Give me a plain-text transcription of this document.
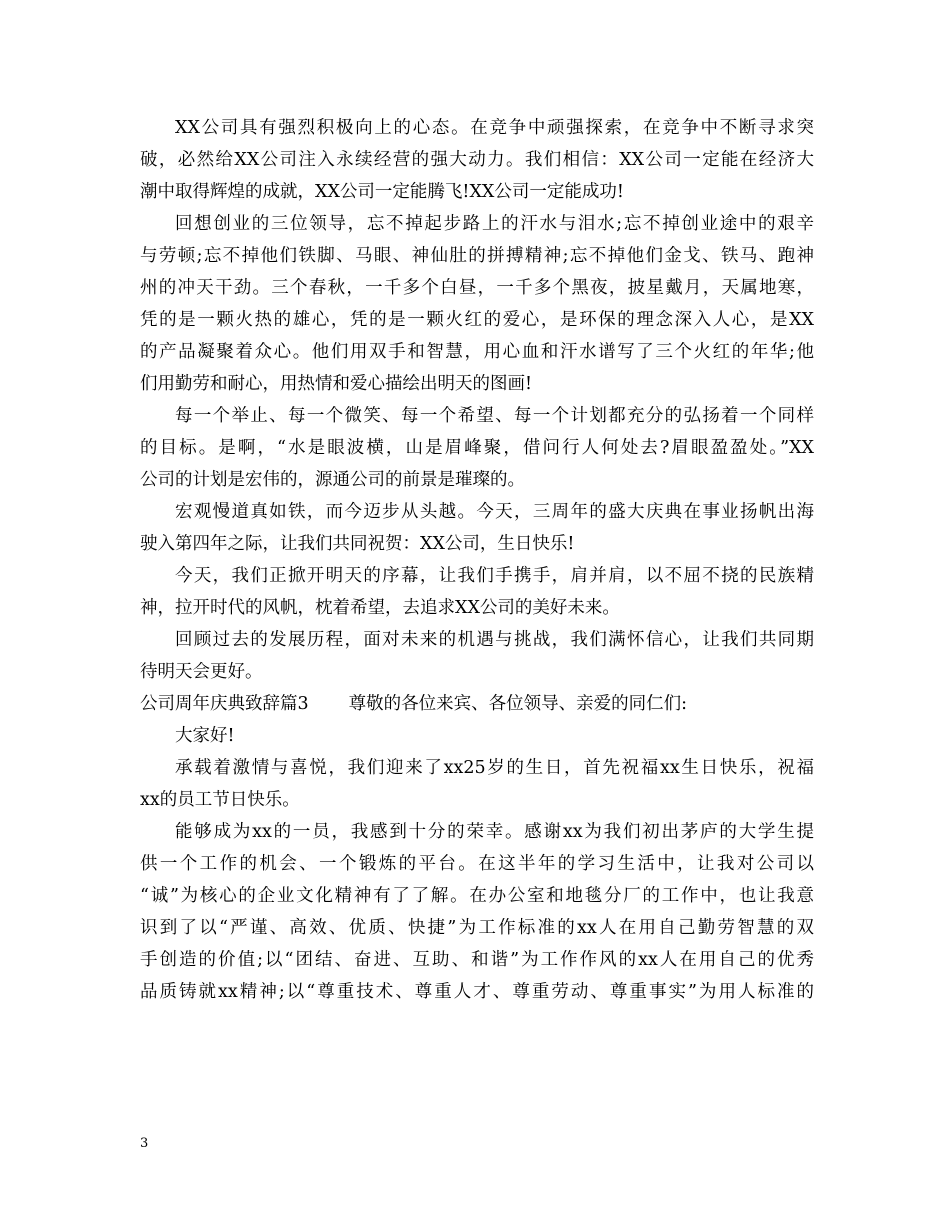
XX公司具有强烈积极向上的心态。在竞争中顽强探索，在竞争中不断寻求突
破，必然给XX公司注入永续经营的强大动力。我们相信：XX公司一定能在经济大
潮中取得辉煌的成就，XX公司一定能腾飞!XX公司一定能成功!
回想创业的三位领导，忘不掉起步路上的汗水与泪水;忘不掉创业途中的艰辛
与劳顿;忘不掉他们铁脚、马眼、神仙肚的拼搏精神;忘不掉他们金戈、铁马、跑神
州的冲天干劲。三个春秋，一千多个白昼，一千多个黑夜，披星戴月，天属地寒，
凭的是一颗火热的雄心，凭的是一颗火红的爱心，是环保的理念深入人心，是XX
的产品凝聚着众心。他们用双手和智慧，用心血和汗水谱写了三个火红的年华;他
们用勤劳和耐心，用热情和爱心描绘出明天的图画!
每一个举止、每一个微笑、每一个希望、每一个计划都充分的弘扬着一个同样
的目标。是啊，“水是眼波横，山是眉峰聚，借问行人何处去?眉眼盈盈处。”XX
公司的计划是宏伟的，源通公司的前景是璀璨的。
宏观慢道真如铁，而今迈步从头越。今天，三周年的盛大庆典在事业扬帆出海
驶入第四年之际，让我们共同祝贺：XX公司，生日快乐!
今天，我们正掀开明天的序幕，让我们手携手，肩并肩，以不屈不挠的民族精
神，拉开时代的风帆，枕着希望，去追求XX公司的美好未来。
回顾过去的发展历程，面对未来的机遇与挑战，我们满怀信心，让我们共同期
待明天会更好。
公司周年庆典致辞篇3 尊敬的各位来宾、各位领导、亲爱的同仁们:
大家好!
承载着激情与喜悦，我们迎来了xx25岁的生日，首先祝福xx生日快乐，祝福
xx的员工节日快乐。
能够成为xx的一员，我感到十分的荣幸。感谢xx为我们初出茅庐的大学生提
供一个工作的机会、一个锻炼的平台。在这半年的学习生活中，让我对公司以
“诚”为核心的企业文化精神有了了解。在办公室和地毯分厂的工作中，也让我意
识到了以“严谨、高效、优质、快捷”为工作标准的xx人在用自己勤劳智慧的双
手创造的价值;以“团结、奋进、互助、和谐”为工作作风的xx人在用自己的优秀
品质铸就xx精神;以“尊重技术、尊重人才、尊重劳动、尊重事实”为用人标准的
3
